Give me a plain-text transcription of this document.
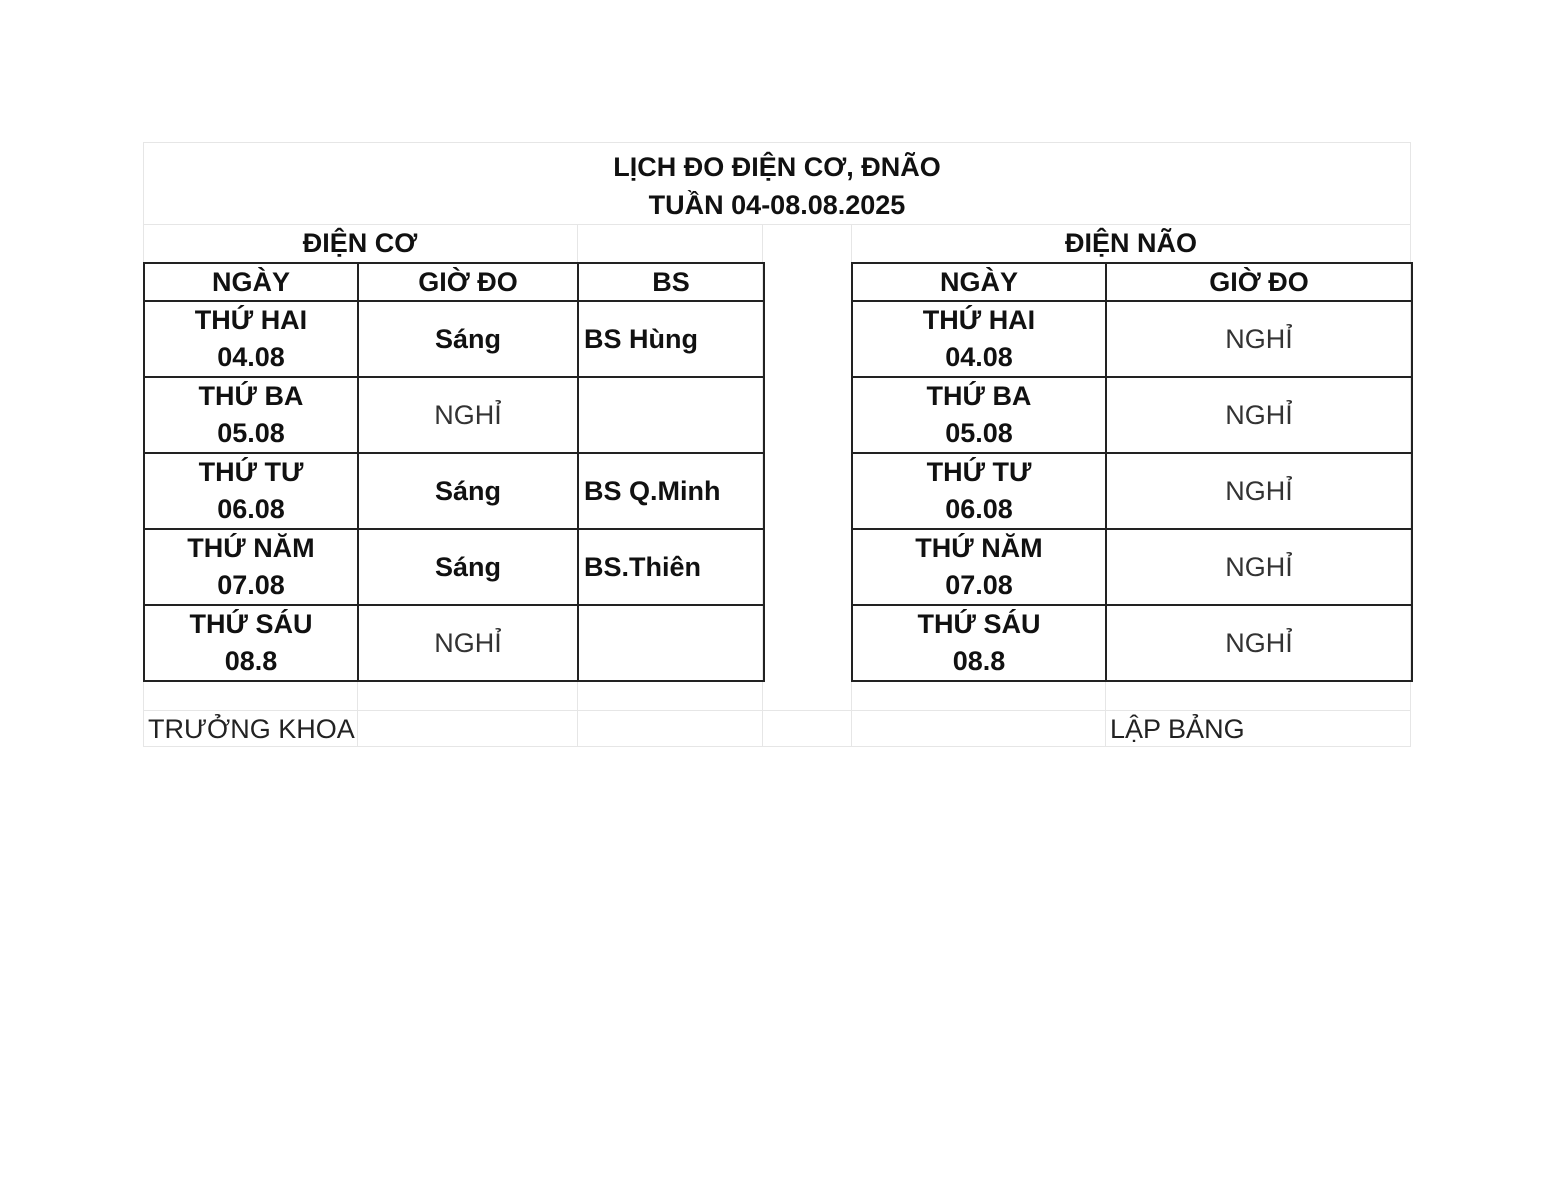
LỊCH ĐO ĐIỆN CƠ, ĐNÃO
TUẦN 04-08.08.2025
ĐIỆN CƠ	ĐIỆN NÃO
NGÀY	GIỜ ĐO	BS

THỨ HAI
04.08	Sáng	BS Hùng

THỨ BA
05.08	NGHỈ	

THỨ TƯ
06.08	Sáng	BS Q.Minh

THỨ NĂM
07.08	Sáng	BS.Thiên

THỨ SÁU
08.8	NGHỈ	
NGÀY	GIỜ ĐO

THỨ HAI
04.08	NGHỈ

THỨ BA
05.08	NGHỈ

THỨ TƯ
06.08	NGHỈ

THỨ NĂM
07.08	NGHỈ

THỨ SÁU
08.8	NGHỈ
TRƯỞNG KHOA	LẬP BẢNG
